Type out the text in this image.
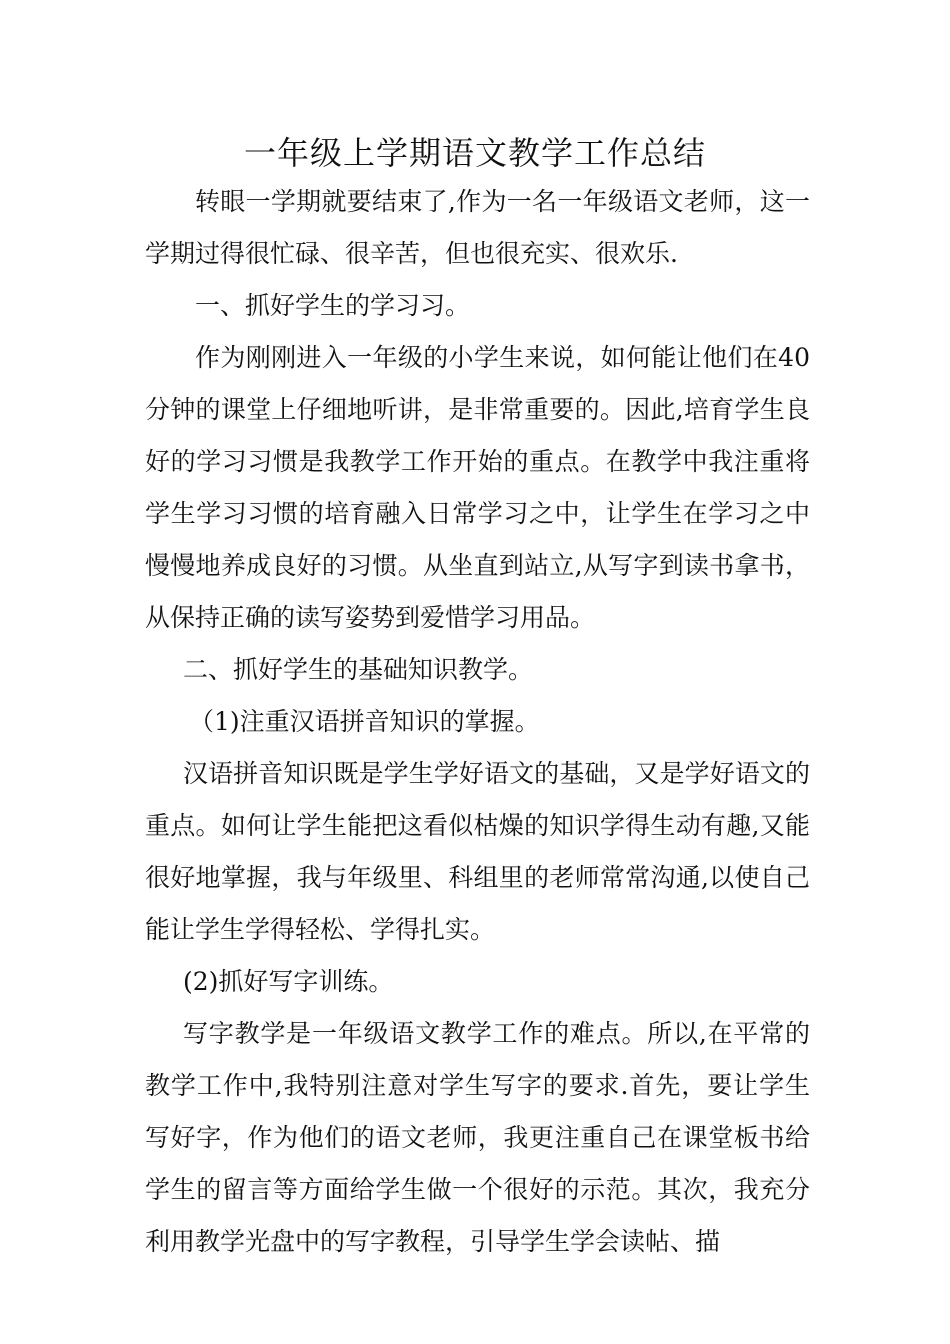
一年级上学期语文教学工作总结

转眼一学期就要结束了,作为一名一年级语文老师，这一学期过得很忙碌、很辛苦，但也很充实、很欢乐.

一、抓好学生的学习习。

作为刚刚进入一年级的小学生来说，如何能让他们在40分钟的课堂上仔细地听讲，是非常重要的。因此,培育学生良好的学习习惯是我教学工作开始的重点。在教学中我注重将学生学习习惯的培育融入日常学习之中，让学生在学习之中慢慢地养成良好的习惯。从坐直到站立,从写字到读书拿书，从保持正确的读写姿势到爱惜学习用品。

二、抓好学生的基础知识教学。

（1)注重汉语拼音知识的掌握。

汉语拼音知识既是学生学好语文的基础，又是学好语文的重点。如何让学生能把这看似枯燥的知识学得生动有趣,又能很好地掌握，我与年级里、科组里的老师常常沟通,以使自己能让学生学得轻松、学得扎实。

(2)抓好写字训练。

写字教学是一年级语文教学工作的难点。所以,在平常的教学工作中,我特别注意对学生写字的要求.首先，要让学生写好字，作为他们的语文老师，我更注重自己在课堂板书给学生的留言等方面给学生做一个很好的示范。其次，我充分利用教学光盘中的写字教程，引导学生学会读帖、描
